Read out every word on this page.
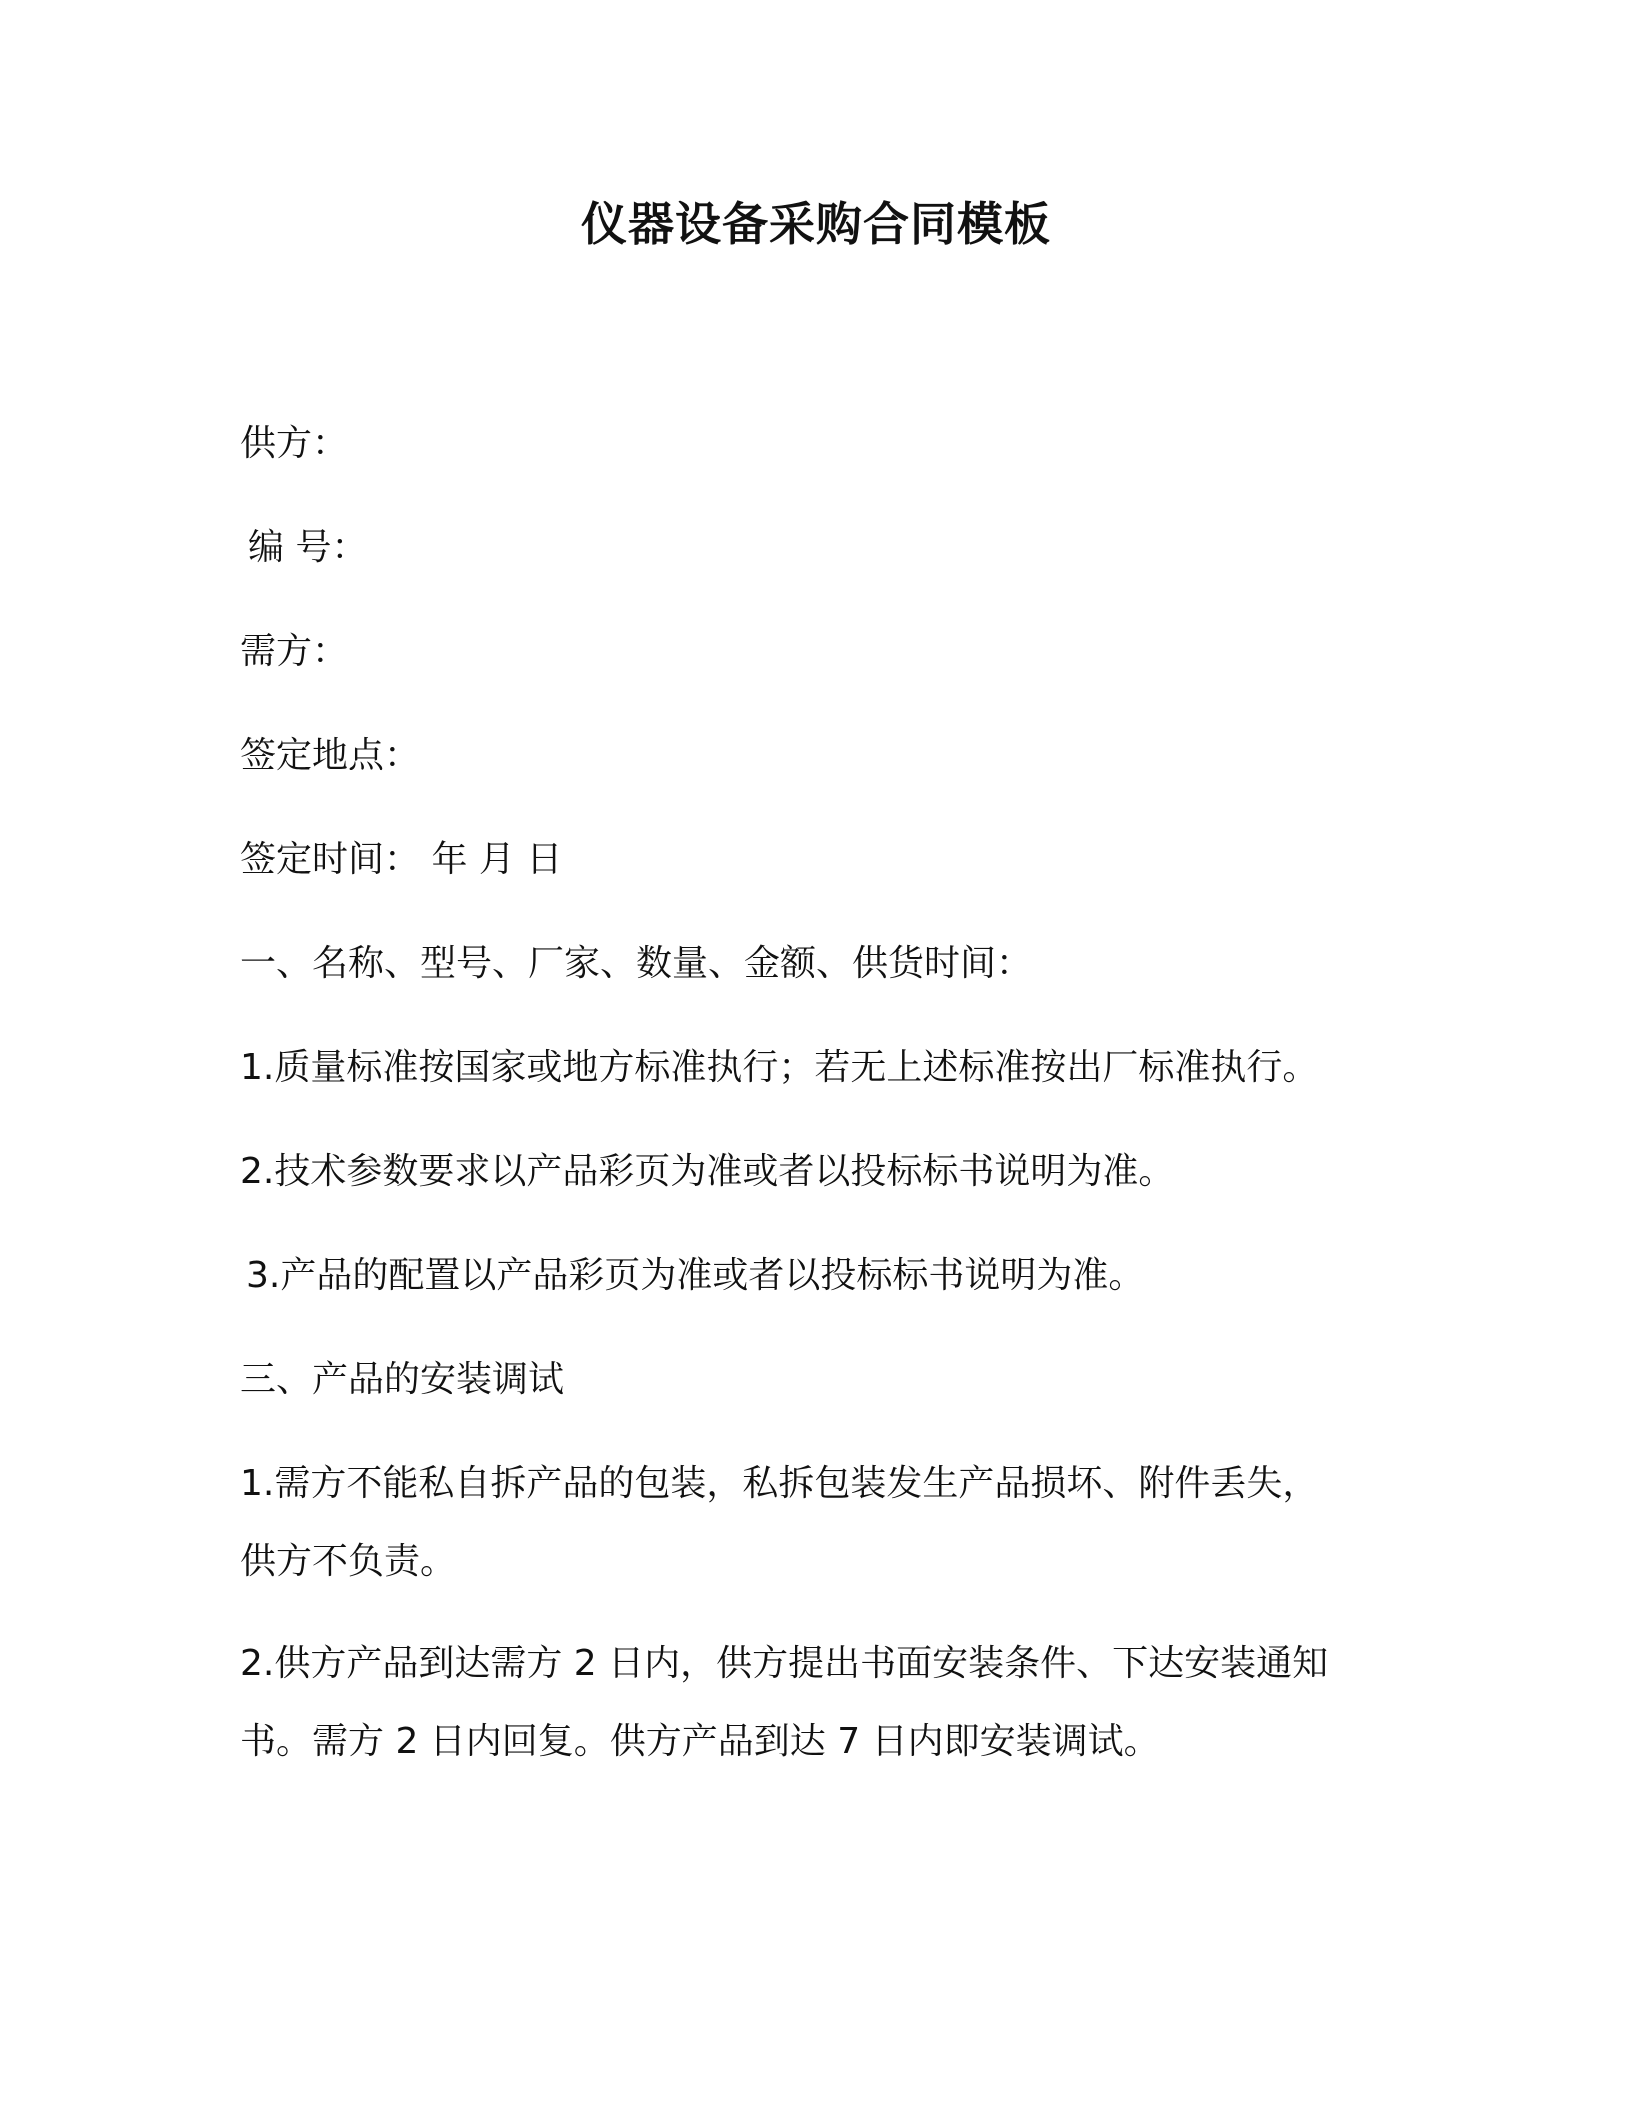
仪器设备采购合同模板
供方：
编 号：
需方：
签定地点：
签定时间： 年 月 日
一、名称、型号、厂家、数量、金额、供货时间：
1.质量标准按国家或地方标准执行；若无上述标准按出厂标准执行。
2.技术参数要求以产品彩页为准或者以投标标书说明为准。
3.产品的配置以产品彩页为准或者以投标标书说明为准。
三、产品的安装调试
1.需方不能私自拆产品的包装，私拆包装发生产品损坏、附件丢失，
供方不负责。
2.供方产品到达需方 2 日内，供方提出书面安装条件、下达安装通知
书。需方 2 日内回复。供方产品到达 7 日内即安装调试。
